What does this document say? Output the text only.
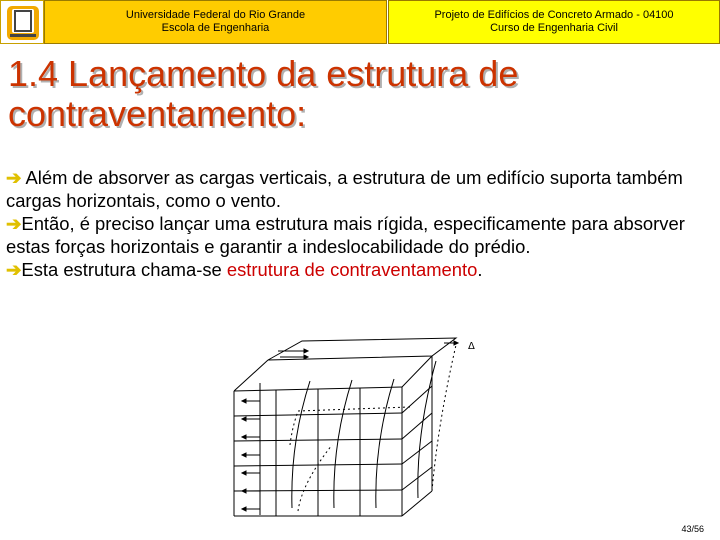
Universidade Federal do Rio Grande
Escola de Engenharia
Projeto de Edifícios de Concreto Armado - 04100
Curso de Engenharia Civil
1.4 Lançamento da estrutura de
contraventamento:

➔ Além de absorver as cargas verticais, a estrutura de um edifício suporta também cargas horizontais, como o vento.

➔Então, é preciso lançar uma estrutura mais rígida, especificamente para absorver estas forças horizontais e garantir a indeslocabilidade do prédio.

➔Esta estrutura chama-se estrutura de contraventamento.

Δ
43/56
